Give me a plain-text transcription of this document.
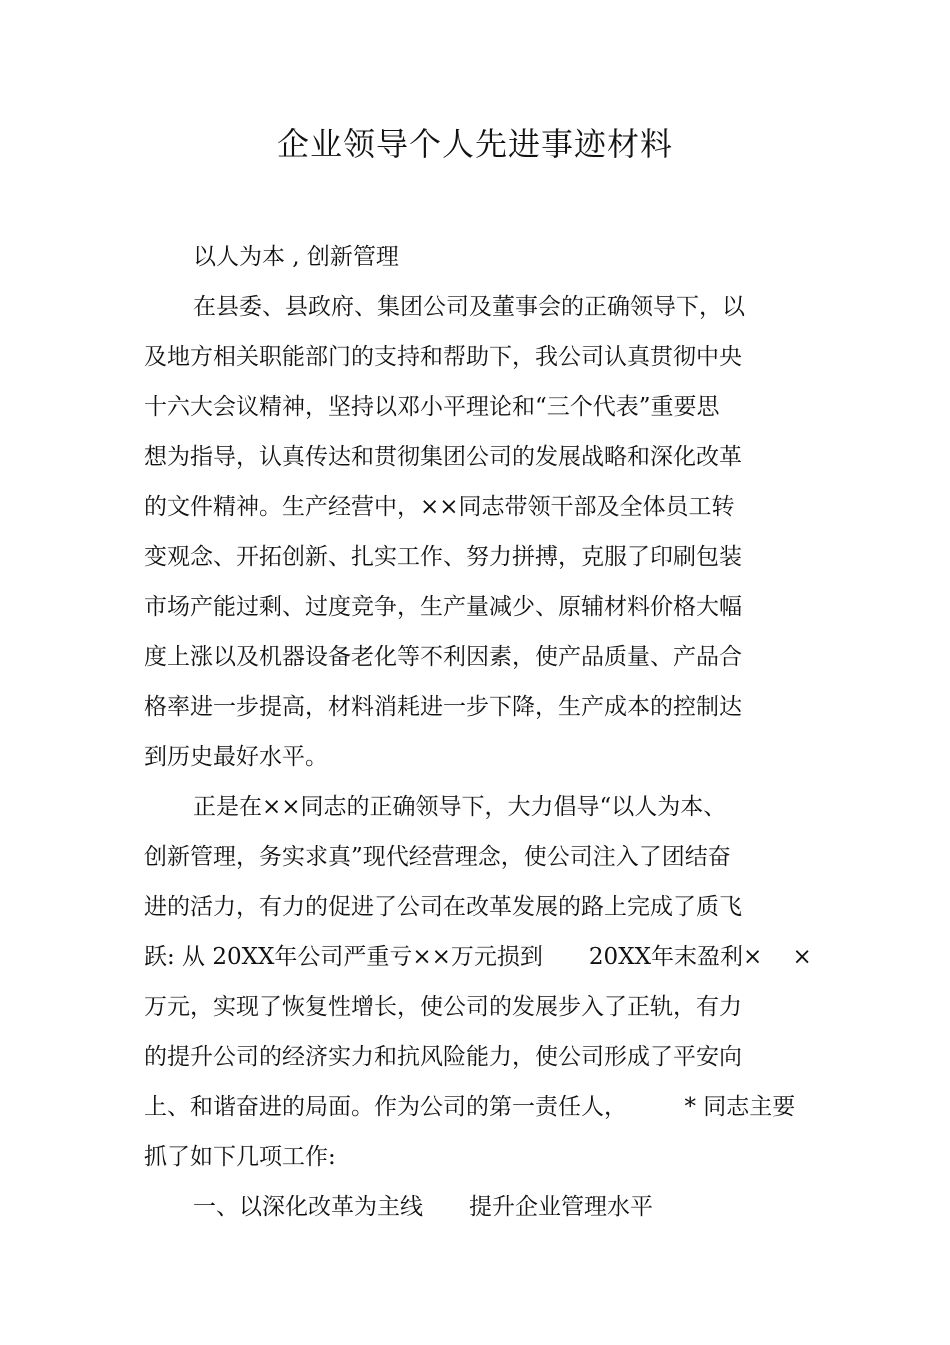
企业领导个人先进事迹材料
以人为本 , 创新管理
在县委、县政府、集团公司及董事会的正确领导下，以
及地方相关职能部门的支持和帮助下，我公司认真贯彻中央
十六大会议精神，坚持以邓小平理论和“三个代表”重要思
想为指导，认真传达和贯彻集团公司的发展战略和深化改革
的文件精神。生产经营中，××同志带领干部及全体员工转
变观念、开拓创新、扎实工作、努力拼搏，克服了印刷包装
市场产能过剩、过度竞争，生产量减少、原辅材料价格大幅
度上涨以及机器设备老化等不利因素，使产品质量、产品合
格率进一步提高，材料消耗进一步下降，生产成本的控制达
到历史最好水平。
正是在××同志的正确领导下，大力倡导“以人为本、
创新管理，务实求真”现代经营理念，使公司注入了团结奋
进的活力，有力的促进了公司在改革发展的路上完成了质飞
跃: 从 20XX年公司严重亏××万元损到　　20XX年末盈利×　 ×
万元，实现了恢复性增长，使公司的发展步入了正轨，有力
的提升公司的经济实力和抗风险能力，使公司形成了平安向
上、和谐奋进的局面。作为公司的第一责任人，　　　* 同志主要
抓了如下几项工作:
一、以深化改革为主线　　提升企业管理水平
